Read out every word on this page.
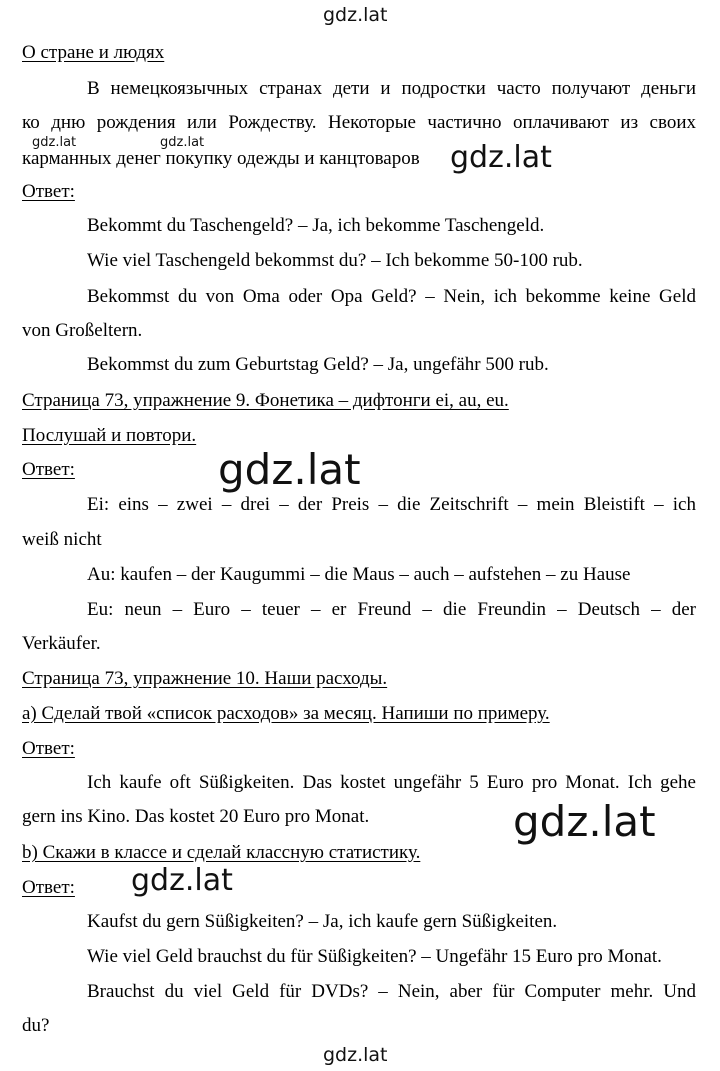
gdz.lat
gdz.lat	gdz.lat	gdz.lat
gdz.lat
gdz.lat
gdz.lat
gdz.lat
О стране и людях
В немецкоязычных странах дети и подростки часто получают деньги
ко дню рождения или Рождеству. Некоторые частично оплачивают из своих
карманных денег покупку одежды и канцтоваров
Ответ:
Bekommt du Taschengeld? – Ja, ich bekomme Taschengeld.
Wie viel Taschengeld bekommst du? – Ich bekomme 50-100 rub.
Bekommst du von Oma oder Opa Geld? – Nein, ich bekomme keine Geld
von Großeltern.
Bekommst du zum Geburtstag Geld? – Ja, ungefähr 500 rub.
Страница 73, упражнение 9. Фонетика – дифтонги ei, au, eu.
Послушай и повтори.
Ответ:
Ei: eins – zwei – drei – der Preis – die Zeitschrift – mein Bleistift – ich
weiß nicht
Au: kaufen – der Kaugummi – die Maus – auch – aufstehen – zu Hause
Eu: neun – Euro – teuer – er Freund – die Freundin – Deutsch – der
Verkäufer.
Страница 73, упражнение 10. Наши расходы.
а) Сделай твой «список расходов» за месяц. Напиши по примеру.
Ответ:
Ich kaufe oft Süßigkeiten. Das kostet ungefähr 5 Euro pro Monat. Ich gehe
gern ins Kino. Das kostet 20 Euro pro Monat.
b) Скажи в классе и сделай классную статистику.
Ответ:
Kaufst du gern Süßigkeiten? – Ja, ich kaufe gern Süßigkeiten.
Wie viel Geld brauchst du für Süßigkeiten? – Ungefähr 15 Euro pro Monat.
Brauchst du viel Geld für DVDs? – Nein, aber für Computer mehr. Und
du?
